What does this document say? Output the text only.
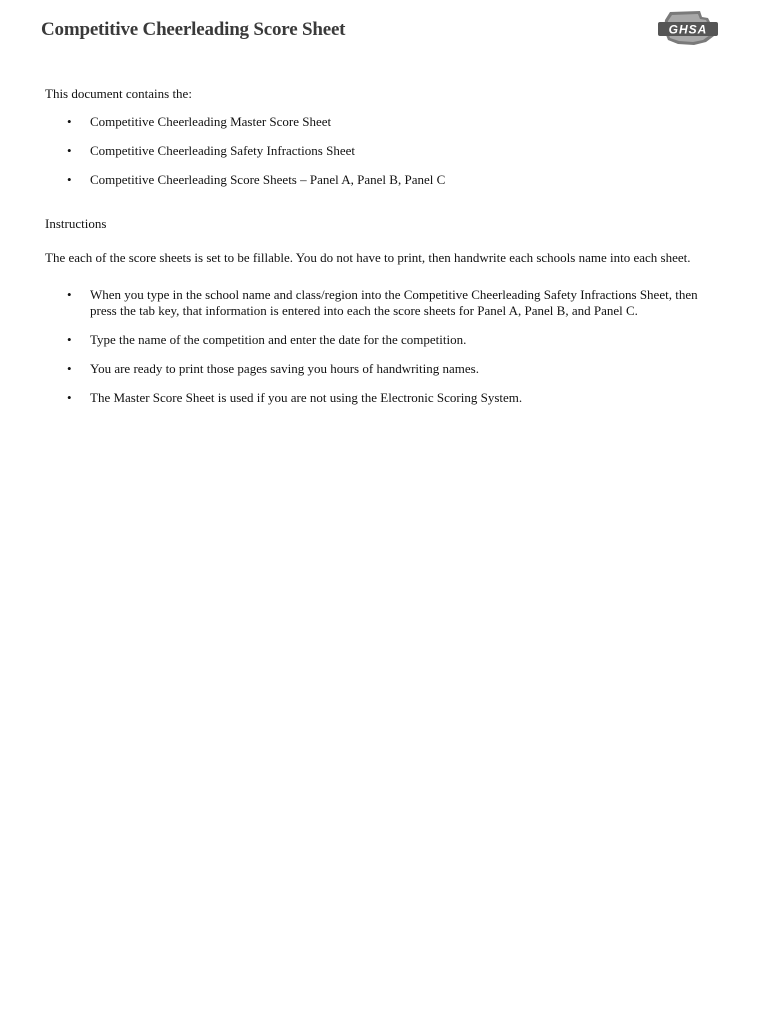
Competitive Cheerleading Score Sheet	GHSA

This document contains the:

• Competitive Cheerleading Master Score Sheet
• Competitive Cheerleading Safety Infractions Sheet
• Competitive Cheerleading Score Sheets – Panel A, Panel B, Panel C

Instructions

The each of the score sheets is set to be fillable. You do not have to print, then handwrite each schools name into each sheet.

• When you type in the school name and class/region into the Competitive Cheerleading Safety Infractions Sheet, then press the tab key, that information is entered into each the score sheets for Panel A, Panel B, and Panel C.
• Type the name of the competition and enter the date for the competition.
• You are ready to print those pages saving you hours of handwriting names.
• The Master Score Sheet is used if you are not using the Electronic Scoring System.
